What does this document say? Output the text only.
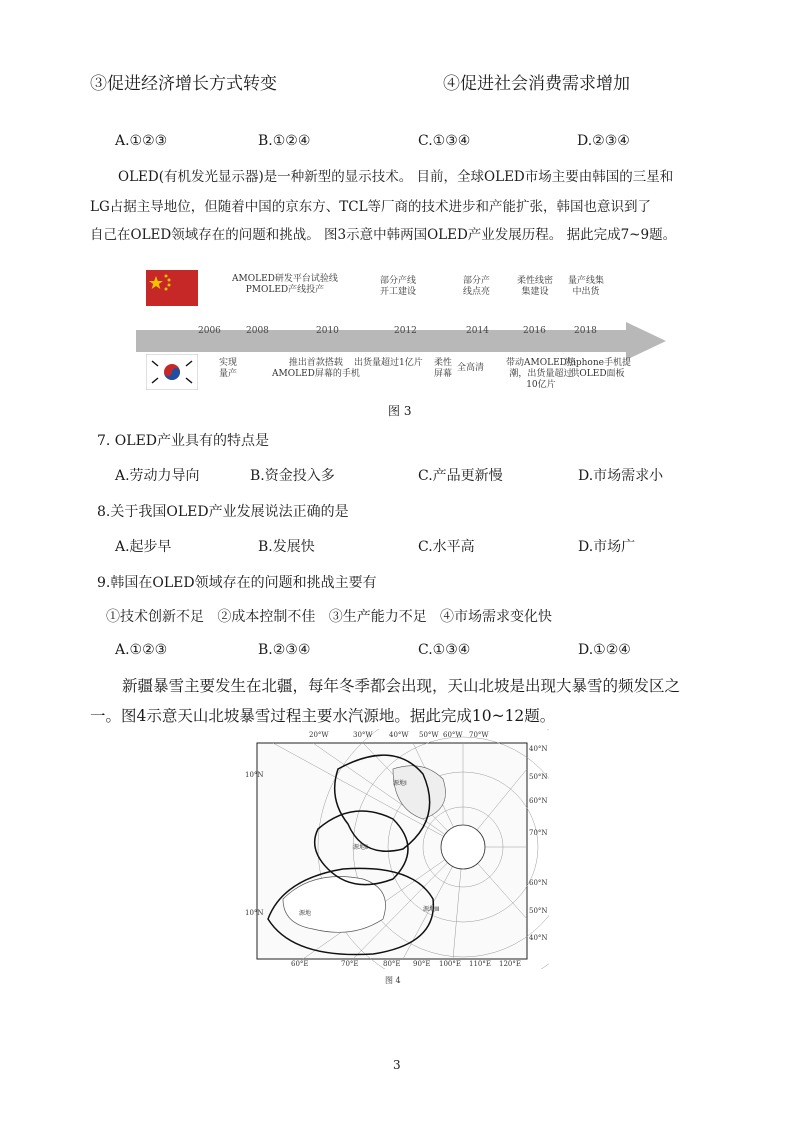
③促进经济增长方式转变	④促进社会消费需求增加
A.①②③	B.①②④	C.①③④	D.②③④
OLED(有机发光显示器)是一种新型的显示技术。 目前，全球OLED市场主要由韩国的三星和
LG占据主导地位，但随着中国的京东方、TCL等厂商的技术进步和产能扩张，韩国也意识到了
自己在OLED领域存在的问题和挑战。 图3示意中韩两国OLED产业发展历程。 据此完成7~9题。
2006	2008	2010	2012	2014	2016	2018
AMOLED研发平台试验线
PMOLED产线投产
部分产线
开工建设
部分产
线点亮
柔性线密
集建设
量产线集
中出货
实现
量产
推出首款搭载
AMOLED屏幕的手机
出货量超过1亿片 柔性
屏幕
全高清 带动AMOLED热
潮，出货量超过
10亿片
为iphone手机提
供OLED面板
图 3
7. OLED产业具有的特点是
A.劳动力导向	B.资金投入多	C.产品更新慢	D.市场需求小
8.关于我国OLED产业发展说法正确的是
A.起步早	B.发展快	C.水平高	D.市场广
9.韩国在OLED领域存在的问题和挑战主要有
①技术创新不足   ②成本控制不佳   ③生产能力不足   ④市场需求变化快
A.①②③	B.②③④	C.①③④	D.①②④
新疆暴雪主要发生在北疆，每年冬季都会出现，天山北坡是出现大暴雪的频发区之
一。图4示意天山北坡暴雪过程主要水汽源地。据此完成10~12题。
源地Ⅰ
源地Ⅱ
源地Ⅲ
源地
20°W	30°W 40°W 50°W 60°W 70°W
40°N
50°N
60°N
70°N
60°N
50°N
40°N
10°N
10°N
60°E	70°E	80°E 90°E 100°E 110°E 120°E
图 4
3
